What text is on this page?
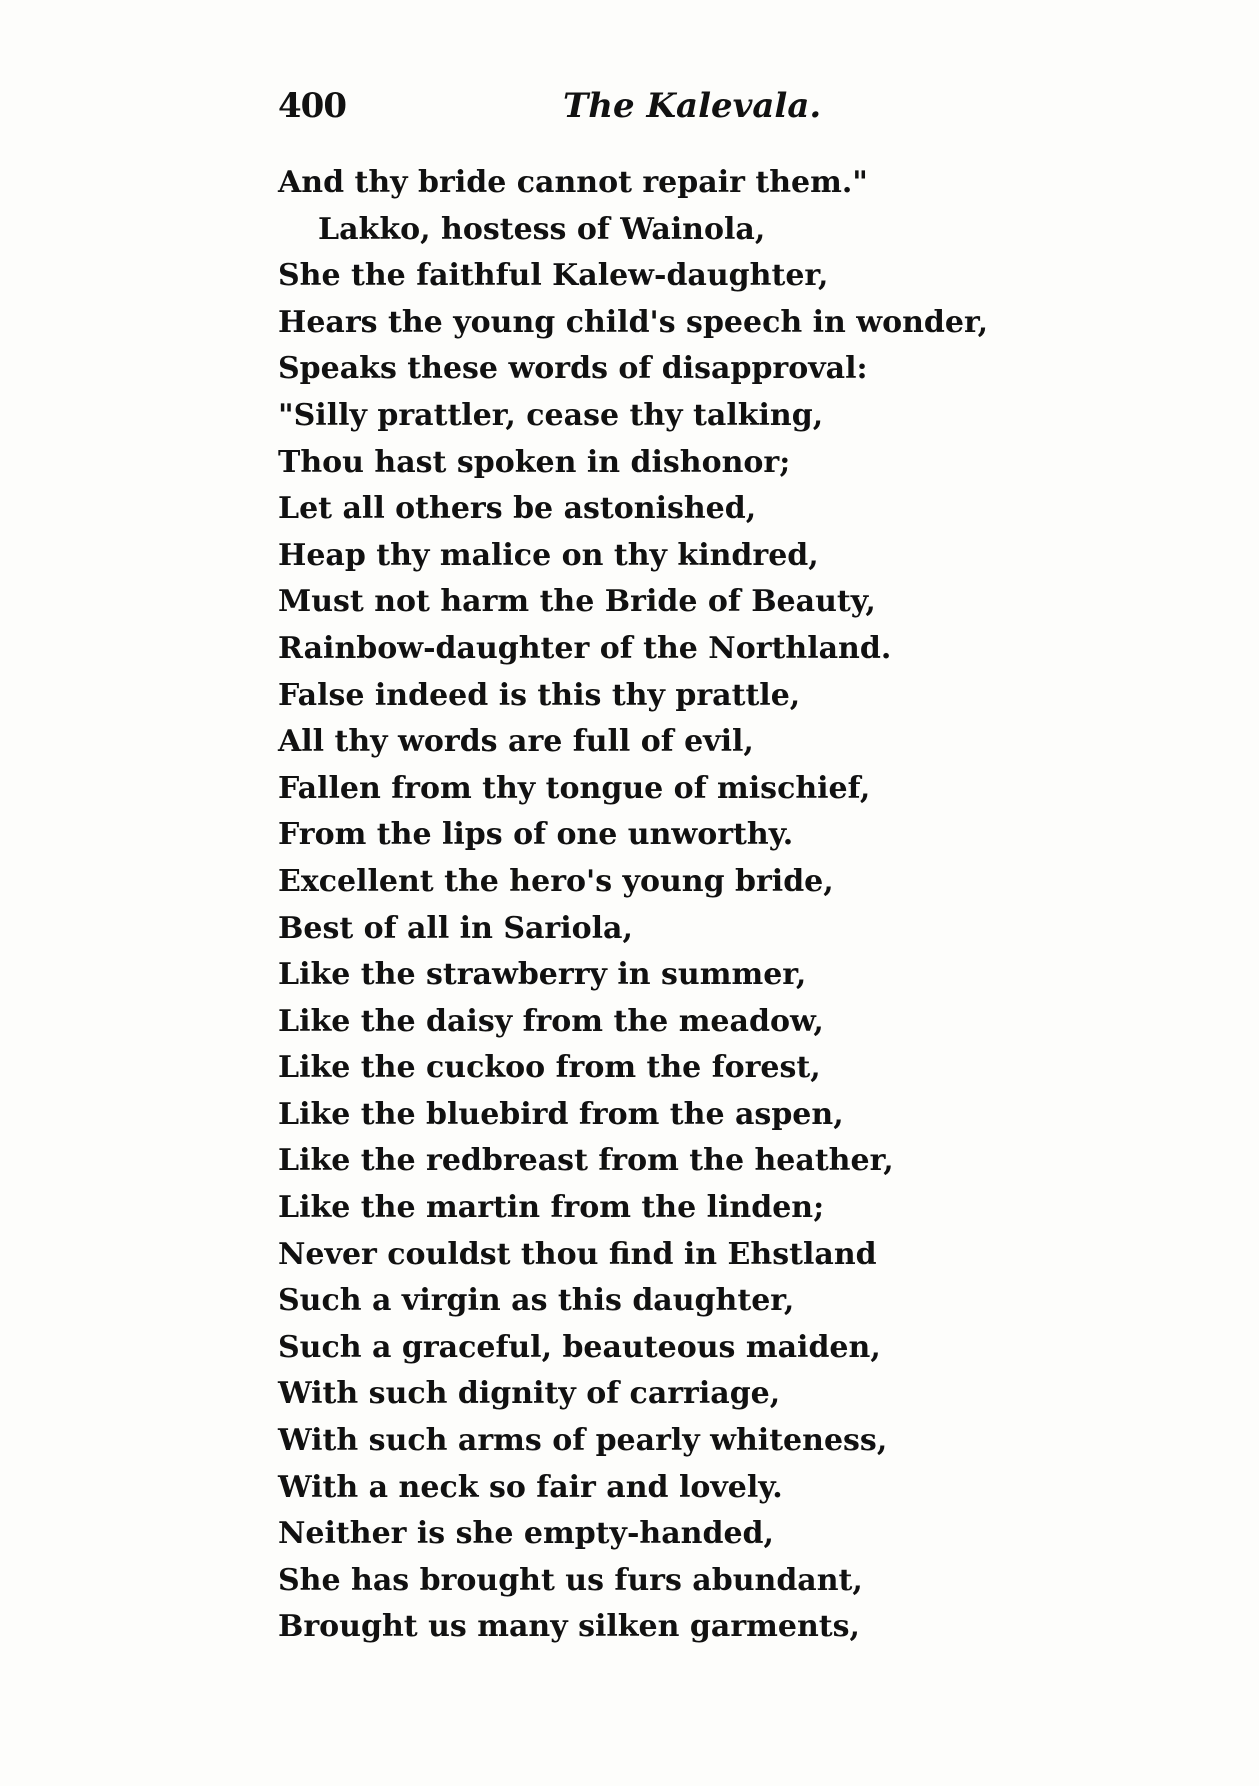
400	The Kalevala.
And thy bride cannot repair them."
Lakko, hostess of Wainola,
She the faithful Kalew-daughter,
Hears the young child's speech in wonder,
Speaks these words of disapproval:
"Silly prattler, cease thy talking,
Thou hast spoken in dishonor;
Let all others be astonished,
Heap thy malice on thy kindred,
Must not harm the Bride of Beauty,
Rainbow-daughter of the Northland.
False indeed is this thy prattle,
All thy words are full of evil,
Fallen from thy tongue of mischief,
From the lips of one unworthy.
Excellent the hero's young bride,
Best of all in Sariola,
Like the strawberry in summer,
Like the daisy from the meadow,
Like the cuckoo from the forest,
Like the bluebird from the aspen,
Like the redbreast from the heather,
Like the martin from the linden;
Never couldst thou find in Ehstland
Such a virgin as this daughter,
Such a graceful, beauteous maiden,
With such dignity of carriage,
With such arms of pearly whiteness,
With a neck so fair and lovely.
Neither is she empty-handed,
She has brought us furs abundant,
Brought us many silken garments,
